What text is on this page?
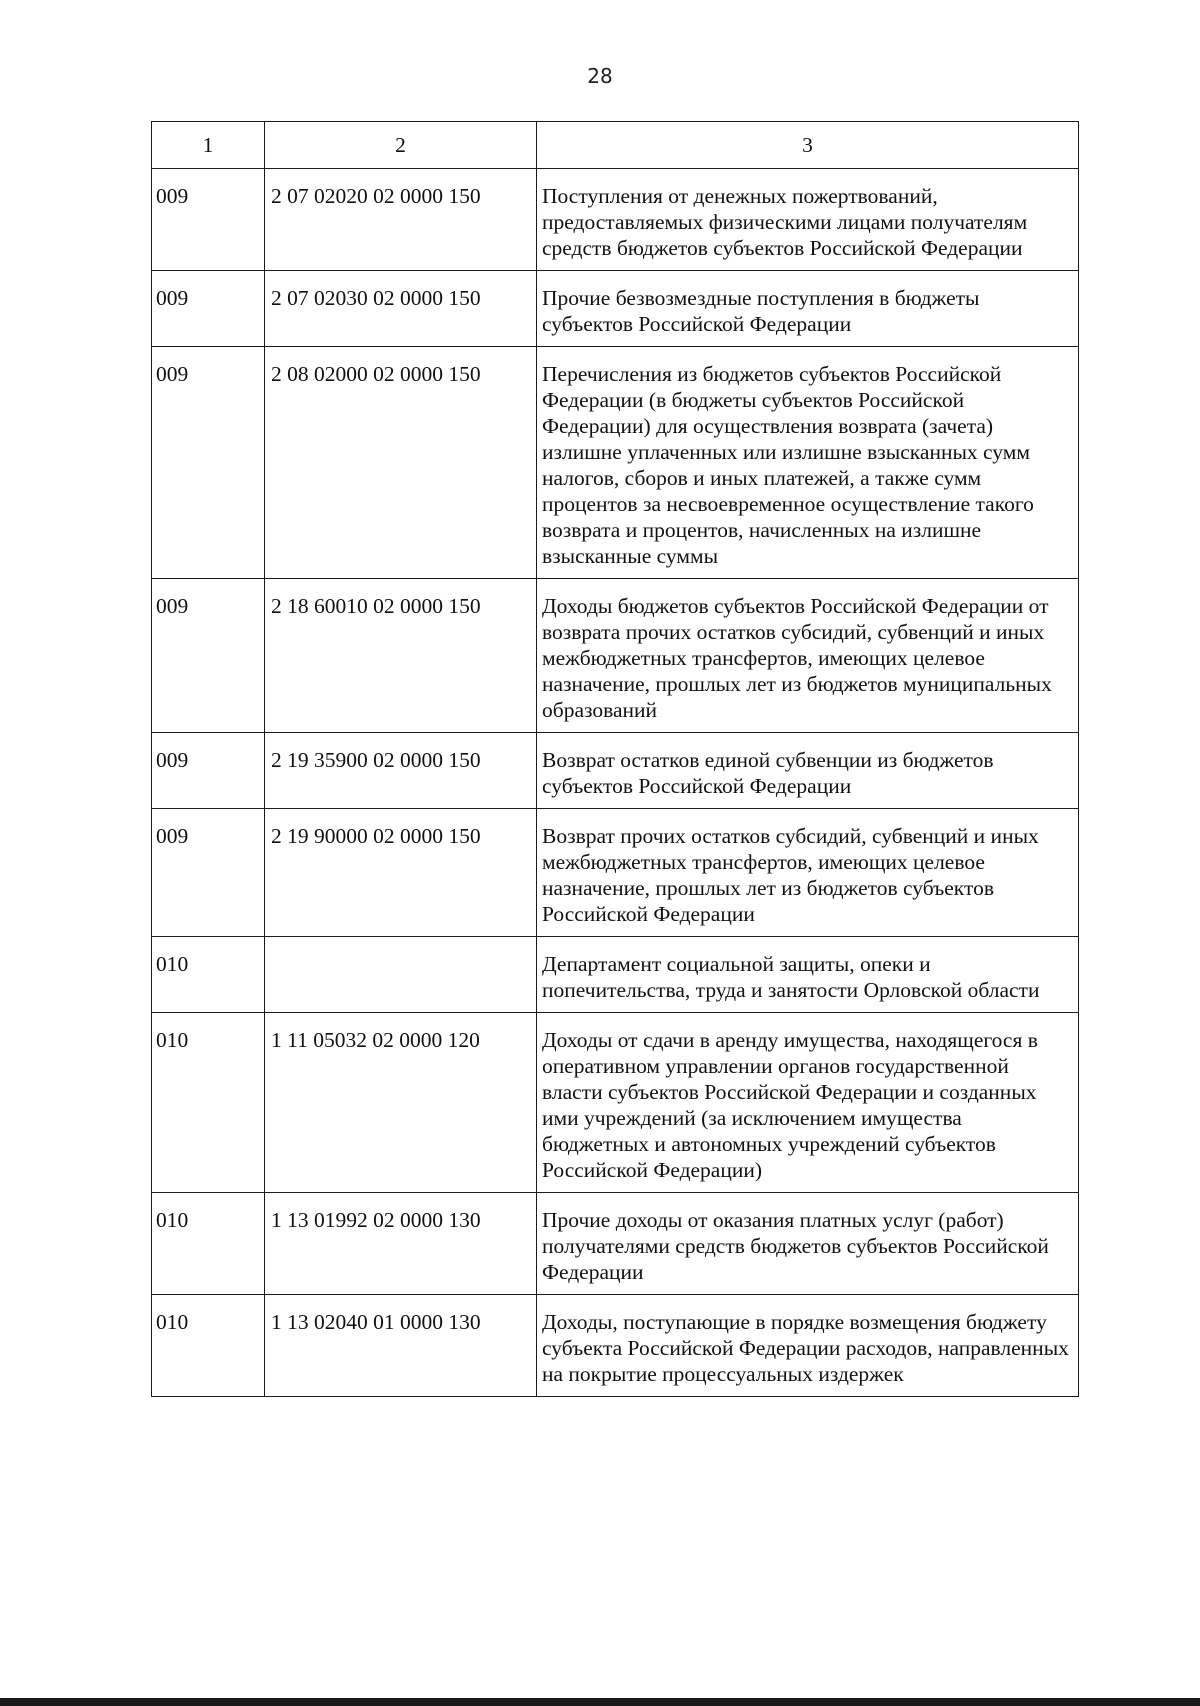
28
1	2	3

009	2 07 02020 02 0000 150	Поступления от денежных пожертвований, предоставляемых физическими лицами получателям средств бюджетов субъектов Российской Федерации

009	2 07 02030 02 0000 150	Прочие безвозмездные поступления в бюджеты субъектов Российской Федерации

009	2 08 02000 02 0000 150	Перечисления из бюджетов субъектов Российской Федерации (в бюджеты субъектов Российской Федерации) для осуществления возврата (зачета) излишне уплаченных или излишне взысканных сумм налогов, сборов и иных платежей, а также сумм процентов за несвоевременное осуществление такого возврата и процентов, начисленных на излишне взысканные суммы

009	2 18 60010 02 0000 150	Доходы бюджетов субъектов Российской Федерации от возврата прочих остатков субсидий, субвенций и иных межбюджетных трансфертов, имеющих целевое назначение, прошлых лет из бюджетов муниципальных образований

009	2 19 35900 02 0000 150	Возврат остатков единой субвенции из бюджетов субъектов Российской Федерации

009	2 19 90000 02 0000 150	Возврат прочих остатков субсидий, субвенций и иных межбюджетных трансфертов, имеющих целевое назначение, прошлых лет из бюджетов субъектов Российской Федерации

010		Департамент социальной защиты, опеки и попечительства, труда и занятости Орловской области

010	1 11 05032 02 0000 120	Доходы от сдачи в аренду имущества, находящегося в оперативном управлении органов государственной власти субъектов Российской Федерации и созданных ими учреждений (за исключением имущества бюджетных и автономных учреждений субъектов Российской Федерации)

010	1 13 01992 02 0000 130	Прочие доходы от оказания платных услуг (работ) получателями средств бюджетов субъектов Российской Федерации

010	1 13 02040 01 0000 130	Доходы, поступающие в порядке возмещения бюджету субъекта Российской Федерации расходов, направленных на покрытие процессуальных издержек
